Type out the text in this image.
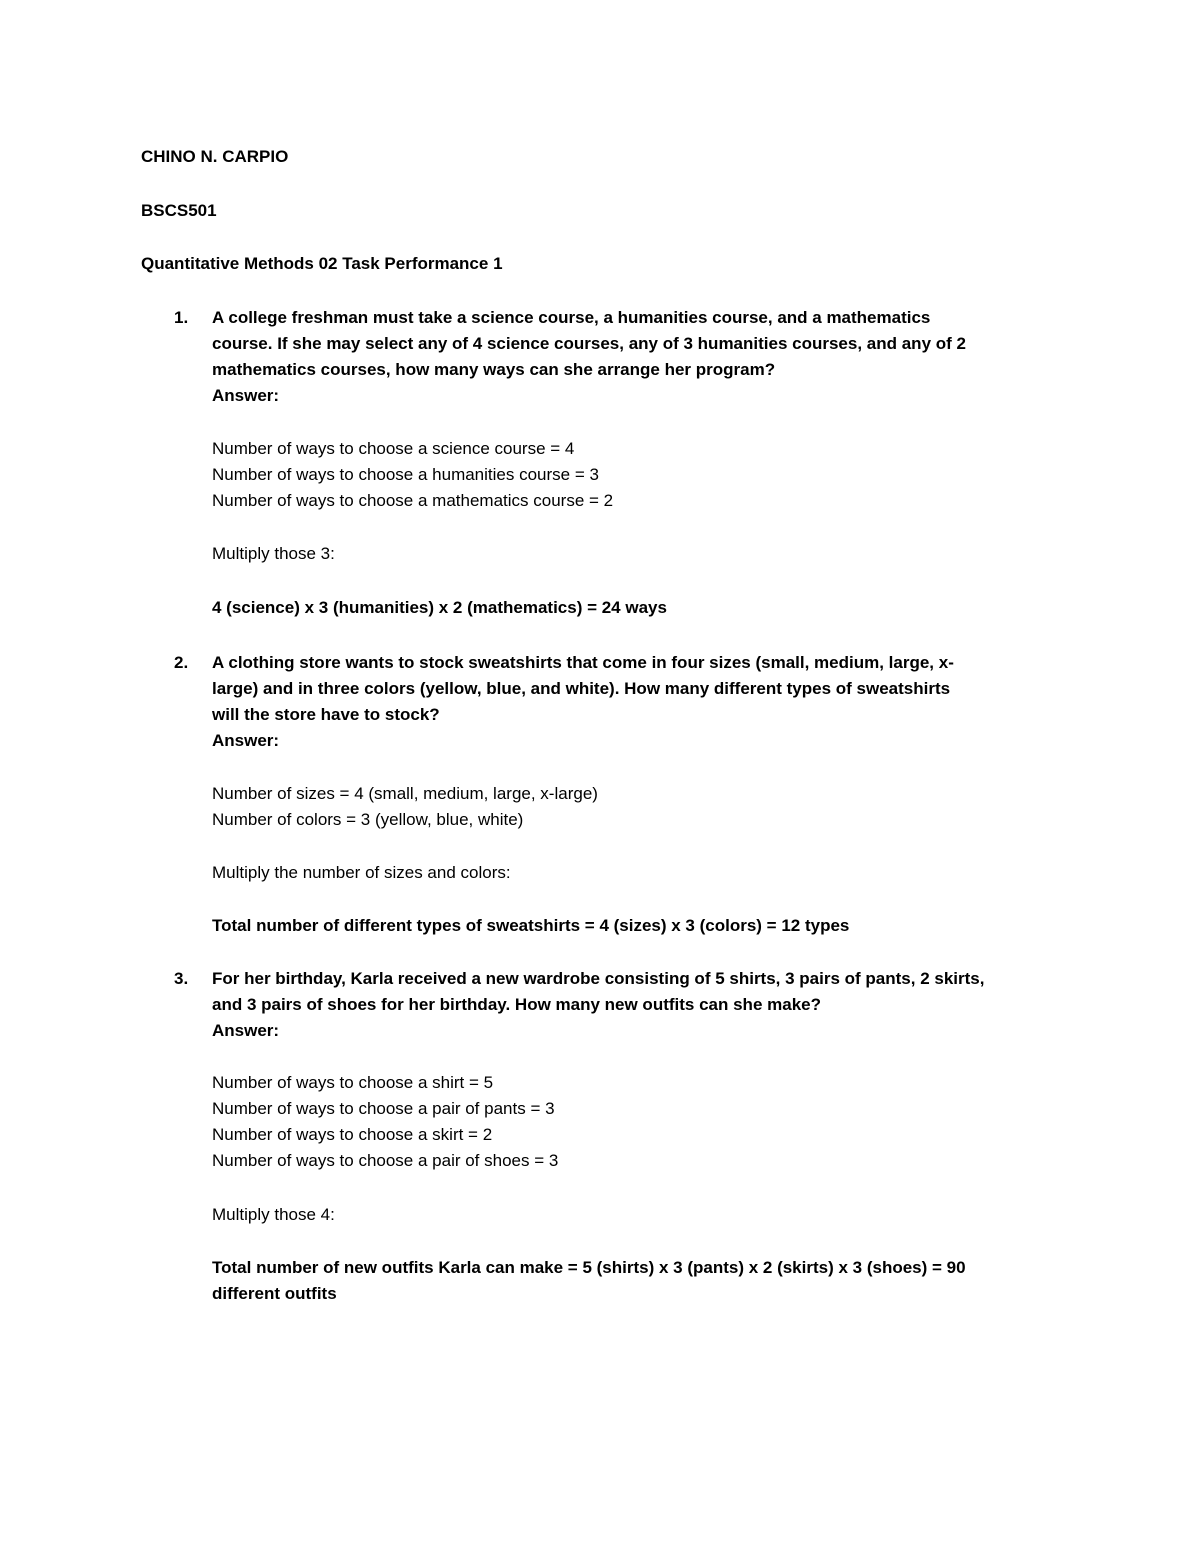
CHINO N. CARPIO
BSCS501
Quantitative Methods 02 Task Performance 1
1. A college freshman must take a science course, a humanities course, and a mathematics
course. If she may select any of 4 science courses, any of 3 humanities courses, and any of 2
mathematics courses, how many ways can she arrange her program?
Answer:
Number of ways to choose a science course = 4
Number of ways to choose a humanities course = 3
Number of ways to choose a mathematics course = 2
Multiply those 3:
4 (science) x 3 (humanities) x 2 (mathematics) = 24 ways
2. A clothing store wants to stock sweatshirts that come in four sizes (small, medium, large, x-
large) and in three colors (yellow, blue, and white). How many different types of sweatshirts
will the store have to stock?
Answer:
Number of sizes = 4 (small, medium, large, x-large)
Number of colors = 3 (yellow, blue, white)
Multiply the number of sizes and colors:
Total number of different types of sweatshirts = 4 (sizes) x 3 (colors) = 12 types
3. For her birthday, Karla received a new wardrobe consisting of 5 shirts, 3 pairs of pants, 2 skirts,
and 3 pairs of shoes for her birthday. How many new outfits can she make?
Answer:
Number of ways to choose a shirt = 5
Number of ways to choose a pair of pants = 3
Number of ways to choose a skirt = 2
Number of ways to choose a pair of shoes = 3
Multiply those 4:
Total number of new outfits Karla can make = 5 (shirts) x 3 (pants) x 2 (skirts) x 3 (shoes) = 90
different outfits
